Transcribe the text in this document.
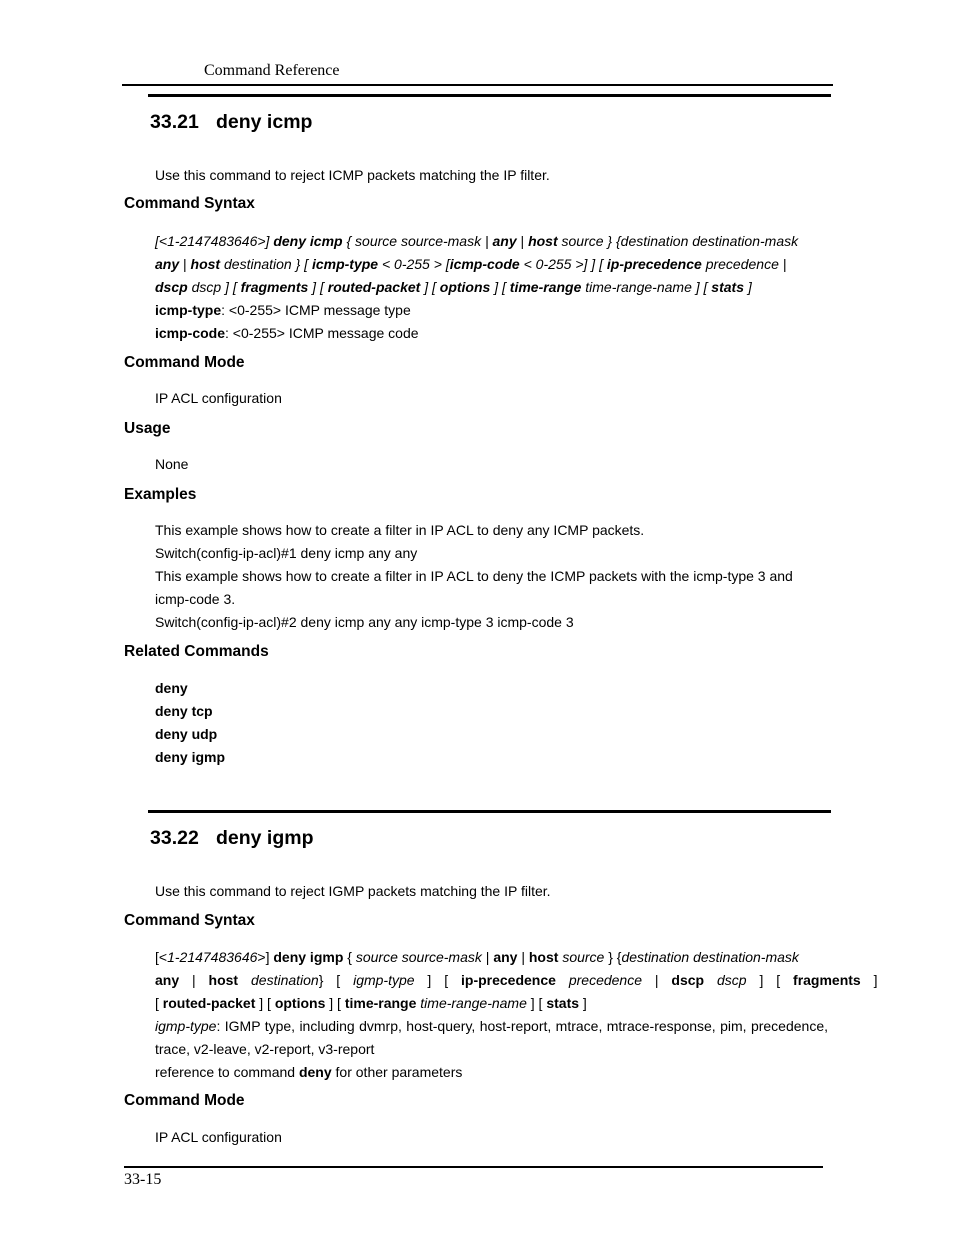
Command Reference
33.21 deny icmp
Use this command to reject ICMP packets matching the IP filter.
Command Syntax
[<1-2147483646>] deny icmp { source source-mask | any | host source } {destination destination-mask
any | host destination } [ icmp-type < 0-255 > [icmp-code < 0-255 >] ] [ ip-precedence precedence |
dscp dscp ] [ fragments ] [ routed-packet ] [ options ] [ time-range time-range-name ] [ stats ]
icmp-type: <0-255> ICMP message type
icmp-code: <0-255> ICMP message code
Command Mode
IP ACL configuration
Usage
None
Examples
This example shows how to create a filter in IP ACL to deny any ICMP packets.
Switch(config-ip-acl)#1 deny icmp any any
This example shows how to create a filter in IP ACL to deny the ICMP packets with the icmp-type 3 and icmp-code 3.
Switch(config-ip-acl)#2 deny icmp any any icmp-type 3 icmp-code 3
Related Commands
deny
deny tcp
deny udp
deny igmp
33.22 deny igmp
Use this command to reject IGMP packets matching the IP filter.
Command Syntax
[<1-2147483646>] deny igmp { source source-mask | any | host source } {destination destination-mask
any | host destination} [ igmp-type ] [ ip-precedence precedence | dscp dscp ] [ fragments ]
[ routed-packet ] [ options ] [ time-range time-range-name ] [ stats ]
igmp-type: IGMP type, including dvmrp, host-query, host-report, mtrace, mtrace-response, pim, precedence, trace, v2-leave, v2-report, v3-report
reference to command deny for other parameters
Command Mode
IP ACL configuration
33-15
